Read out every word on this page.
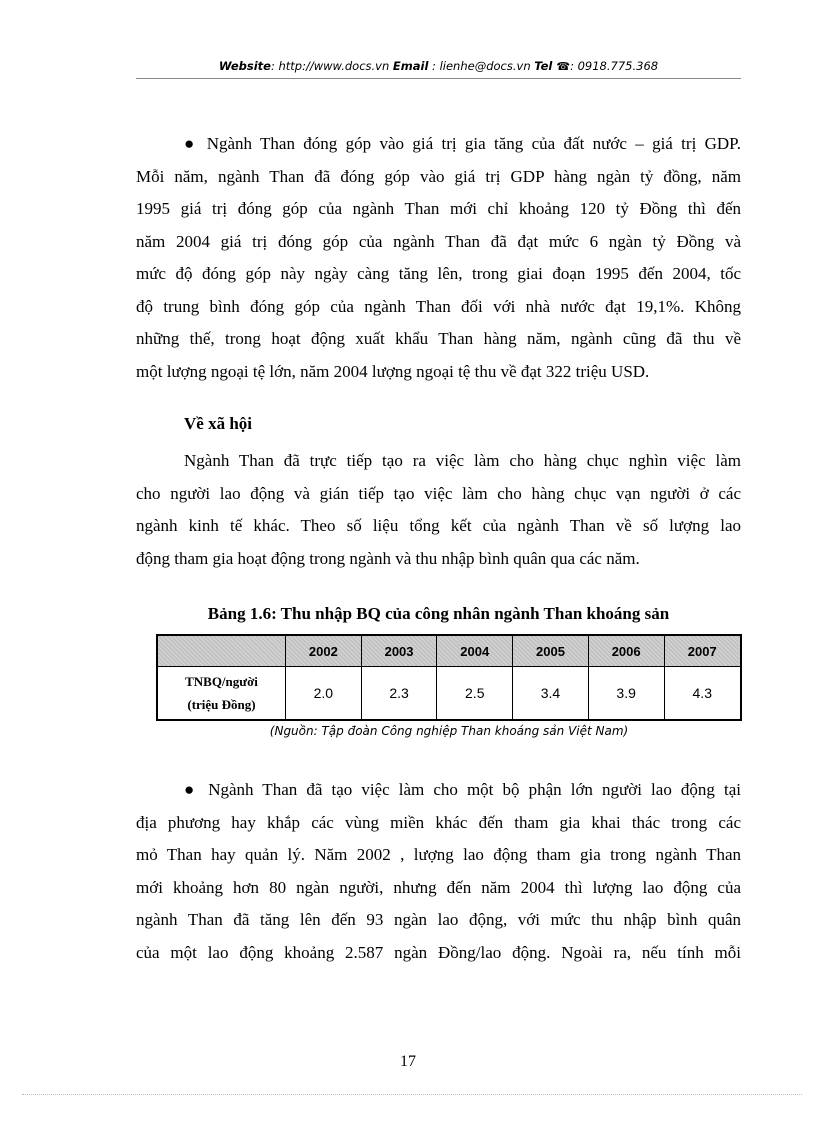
Website: http://www.docs.vn Email : lienhe@docs.vn Tel ☎: 0918.775.368
● Ngành Than đóng góp vào giá trị gia tăng của đất nước – giá trị GDP.
Mỗi năm, ngành Than đã đóng góp vào giá trị GDP hàng ngàn tỷ đồng, năm
1995 giá trị đóng góp của ngành Than mới chỉ khoảng 120 tỷ Đồng thì đến
năm 2004 giá trị đóng góp của ngành Than đã đạt mức 6 ngàn tỷ Đồng và
mức độ đóng góp này ngày càng tăng lên, trong giai đoạn 1995 đến 2004, tốc
độ trung bình đóng góp của ngành Than đối với nhà nước đạt 19,1%. Không
những thế, trong hoạt động xuất khẩu Than hàng năm, ngành cũng đã thu về
một lượng ngoại tệ lớn, năm 2004 lượng ngoại tệ thu về đạt 322 triệu USD.
Về xã hội
Ngành Than đã trực tiếp tạo ra việc làm cho hàng chục nghìn việc làm
cho người lao động và gián tiếp tạo việc làm cho hàng chục vạn người ở các
ngành kinh tế khác. Theo số liệu tổng kết của ngành Than về số lượng lao
động tham gia hoạt động trong ngành và thu nhập bình quân qua các năm.
Bảng 1.6: Thu nhập BQ của công nhân ngành Than khoáng sản
	2002	2003	2004	2005	2006	2007
TNBQ/người
(triệu Đồng)	2.0	2.3	2.5	3.4	3.9	4.3
(Nguồn: Tập đoàn Công nghiệp Than khoáng sản Việt Nam)
● Ngành Than đã tạo việc làm cho một bộ phận lớn người lao động tại
địa phương hay khắp các vùng miền khác đến tham gia khai thác trong các
mỏ Than hay quản lý. Năm 2002 , lượng lao động tham gia trong ngành Than
mới khoảng hơn 80 ngàn người, nhưng đến năm 2004 thì lượng lao động của
ngành Than đã tăng lên đến 93 ngàn lao động, với mức thu nhập bình quân
của một lao động khoảng 2.587 ngàn Đồng/lao động. Ngoài ra, nếu tính mỗi
17
